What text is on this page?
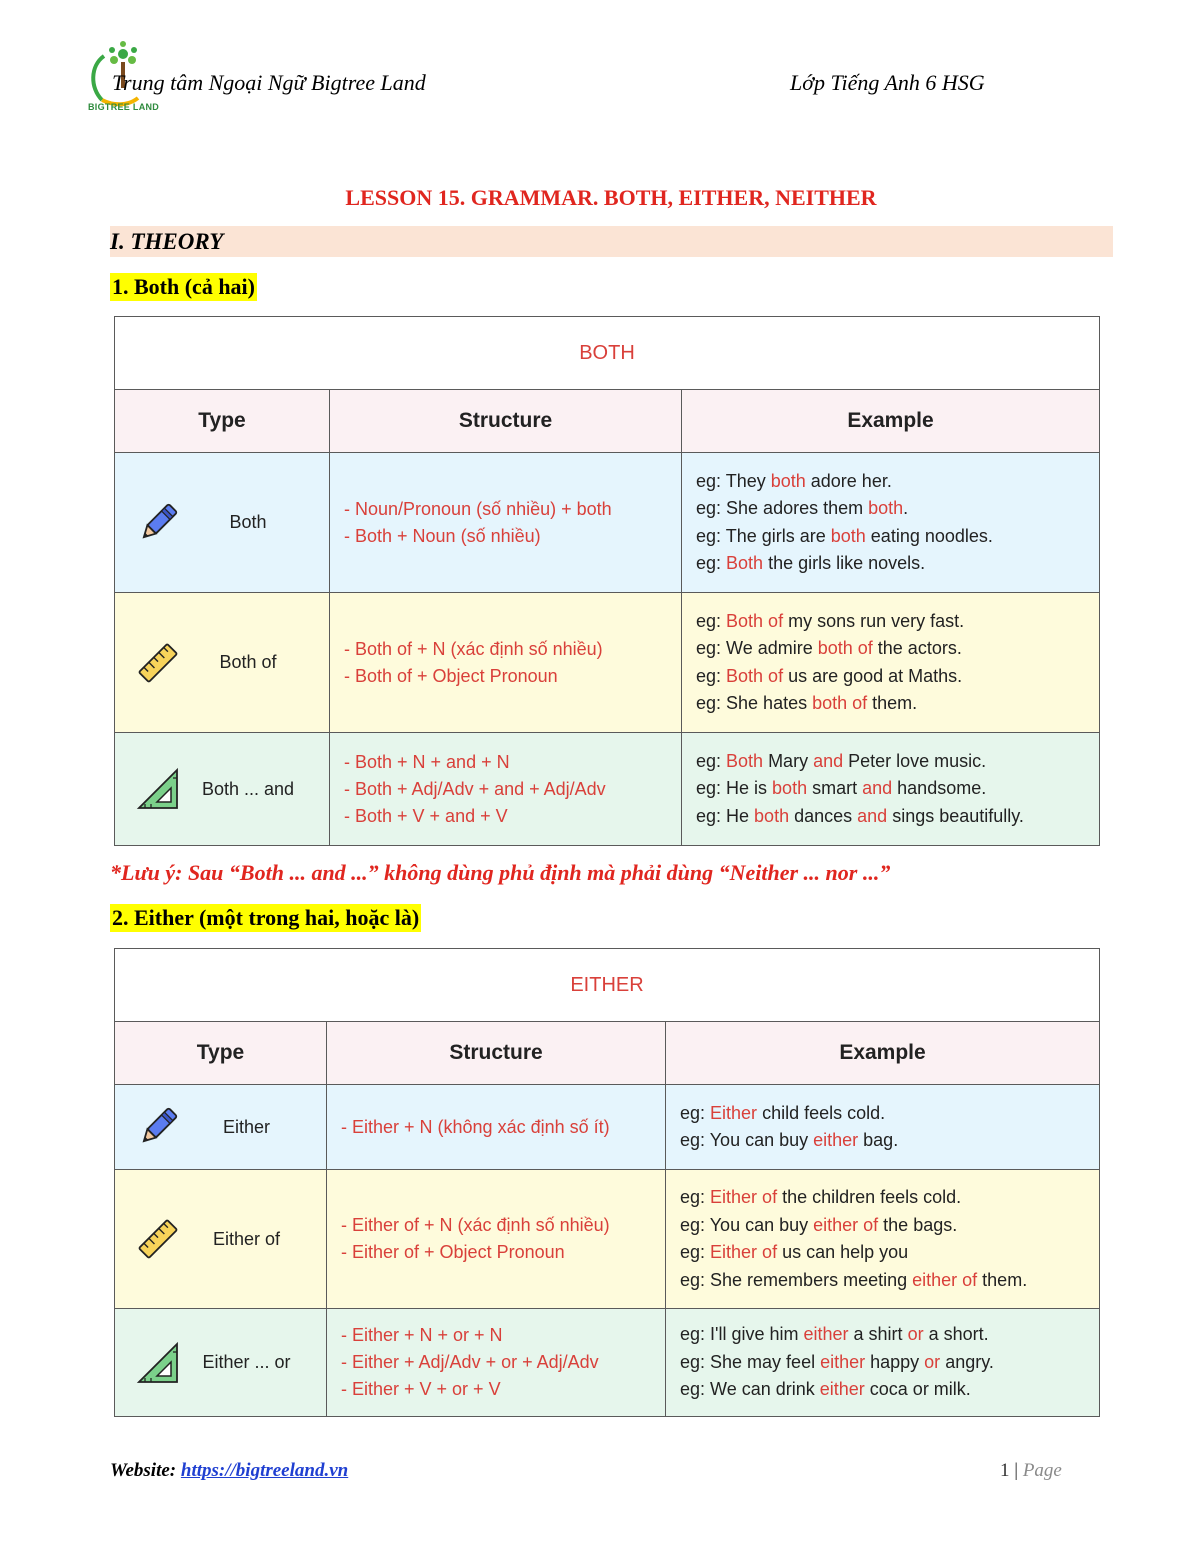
BIGTREE LAND
Trung tâm Ngoại Ngữ Bigtree Land	Lớp Tiếng Anh 6 HSG
LESSON 15. GRAMMAR. BOTH, EITHER, NEITHER
I. THEORY
1. Both (cả hai)
BOTH		
Type	Structure	Example

Both	- Noun/Pronoun (số nhiều) + both
- Both + Noun (số nhiều)	eg: They both adore her.
eg: She adores them both.
eg: The girls are both eating noodles.
eg: Both the girls like novels.

Both of	- Both of + N (xác định số nhiều)
- Both of + Object Pronoun	eg: Both of my sons run very fast.
eg: We admire both of the actors.
eg: Both of us are good at Maths.
eg: She hates both of them.

Both ... and	- Both + N + and + N
- Both + Adj/Adv + and + Adj/Adv
- Both + V + and + V	eg: Both Mary and Peter love music.
eg: He is both smart and handsome.
eg: He both dances and sings beautifully.
*Lưu ý: Sau “Both ... and ...” không dùng phủ định mà phải dùng “Neither ... nor ...”
2. Either (một trong hai, hoặc là)
EITHER		
Type	Structure	Example

Either	- Either + N (không xác định số ít)	eg: Either child feels cold.
eg: You can buy either bag.

Either of	- Either of + N (xác định số nhiều)
- Either of + Object Pronoun	eg: Either of the children feels cold.
eg: You can buy either of the bags.
eg: Either of us can help you
eg: She remembers meeting either of them.

Either ... or	- Either + N + or + N
- Either + Adj/Adv + or + Adj/Adv
- Either + V + or + V	eg: I'll give him either a shirt or a short.
eg: She may feel either happy or angry.
eg: We can drink either coca or milk.
Website: https://bigtreeland.vn	1 | Page
